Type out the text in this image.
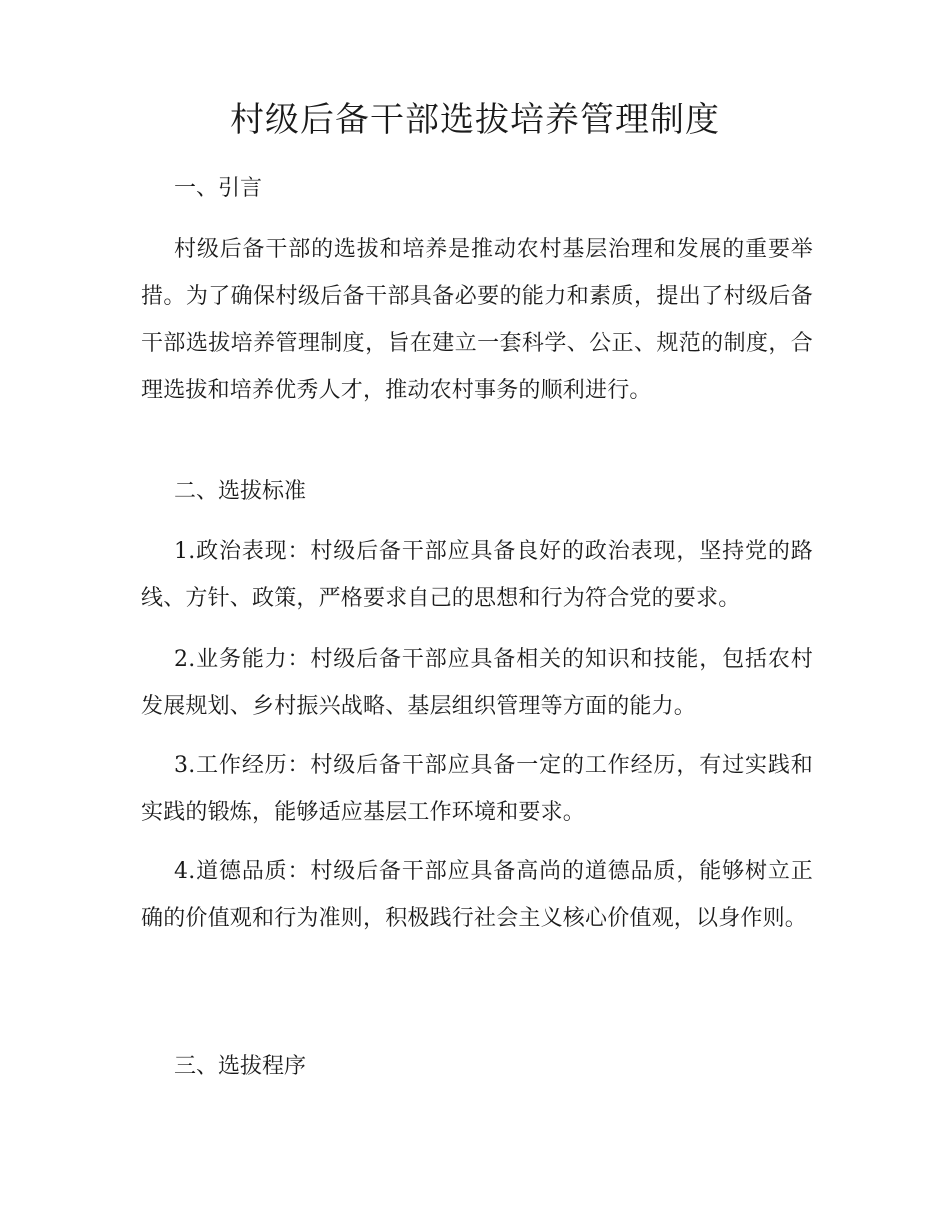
村级后备干部选拔培养管理制度
一、引言

村级后备干部的选拔和培养是推动农村基层治理和发展的重要举措。为了确保村级后备干部具备必要的能力和素质，提出了村级后备干部选拔培养管理制度，旨在建立一套科学、公正、规范的制度，合理选拔和培养优秀人才，推动农村事务的顺利进行。

二、选拔标准

1.政治表现：村级后备干部应具备良好的政治表现，坚持党的路线、方针、政策，严格要求自己的思想和行为符合党的要求。

2.业务能力：村级后备干部应具备相关的知识和技能，包括农村发展规划、乡村振兴战略、基层组织管理等方面的能力。

3.工作经历：村级后备干部应具备一定的工作经历，有过实践和实践的锻炼，能够适应基层工作环境和要求。

4.道德品质：村级后备干部应具备高尚的道德品质，能够树立正确的价值观和行为准则，积极践行社会主义核心价值观，以身作则。

三、选拔程序
